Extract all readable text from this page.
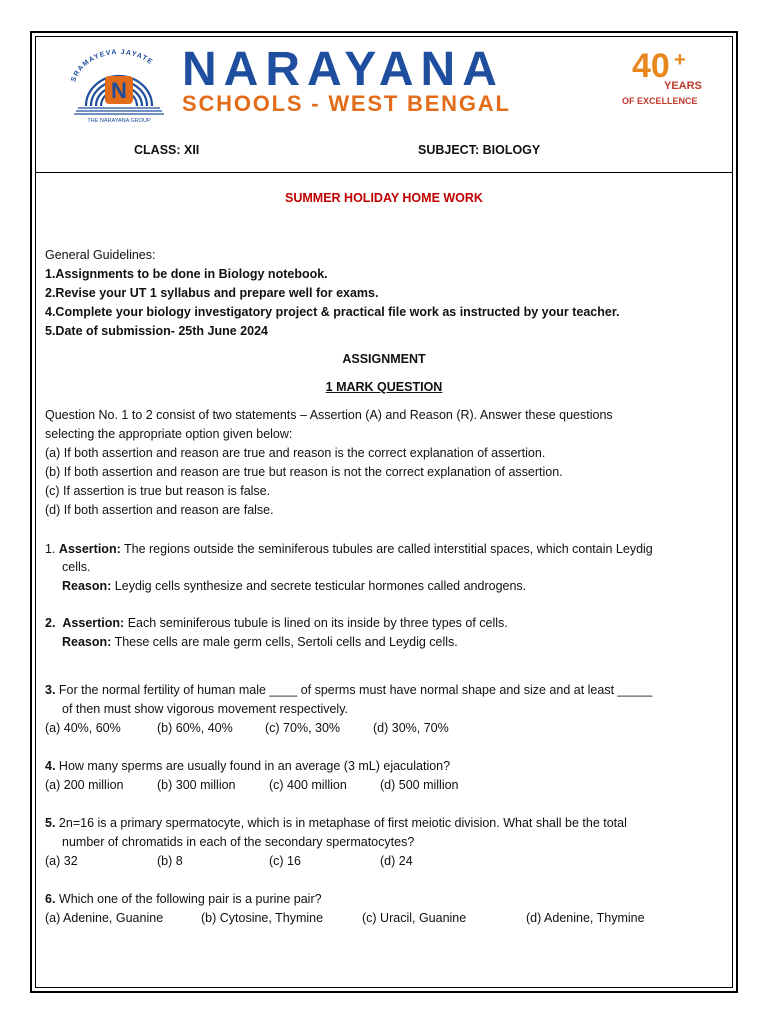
SRAMAYEVA JAYATE
N
THE NARAYANA GROUP
NARAYANA
SCHOOLS - WEST BENGAL
40 +
YEARS
OF EXCELLENCE
CLASS: XII	SUBJECT: BIOLOGY
SUMMER HOLIDAY HOME WORK
General Guidelines:
1.Assignments to be done in Biology notebook.
2.Revise your UT 1 syllabus and prepare well for exams.
4.Complete your biology investigatory project & practical file work as instructed by your teacher.
5.Date of submission- 25th June 2024
ASSIGNMENT
1 MARK QUESTION
Question No. 1 to 2 consist of two statements – Assertion (A) and Reason (R). Answer these questions
selecting the appropriate option given below:
(a) If both assertion and reason are true and reason is the correct explanation of assertion.
(b) If both assertion and reason are true but reason is not the correct explanation of assertion.
(c) If assertion is true but reason is false.
(d) If both assertion and reason are false.
1. Assertion: The regions outside the seminiferous tubules are called interstitial spaces, which contain Leydig
cells.
Reason: Leydig cells synthesize and secrete testicular hormones called androgens.
2. Assertion: Each seminiferous tubule is lined on its inside by three types of cells.
Reason: These cells are male germ cells, Sertoli cells and Leydig cells.
3. For the normal fertility of human male ____ of sperms must have normal shape and size and at least _____
of then must show vigorous movement respectively.
(a) 40%, 60%	(b) 60%, 40%	(c) 70%, 30%	(d) 30%, 70%
4. How many sperms are usually found in an average (3 mL) ejaculation?
(a) 200 million	(b) 300 million	(c) 400 million	(d) 500 million
5. 2n=16 is a primary spermatocyte, which is in metaphase of first meiotic division. What shall be the total
number of chromatids in each of the secondary spermatocytes?
(a) 32	(b) 8	(c) 16	(d) 24
6. Which one of the following pair is a purine pair?
(a) Adenine, Guanine	(b) Cytosine, Thymine	(c) Uracil, Guanine	(d) Adenine, Thymine
